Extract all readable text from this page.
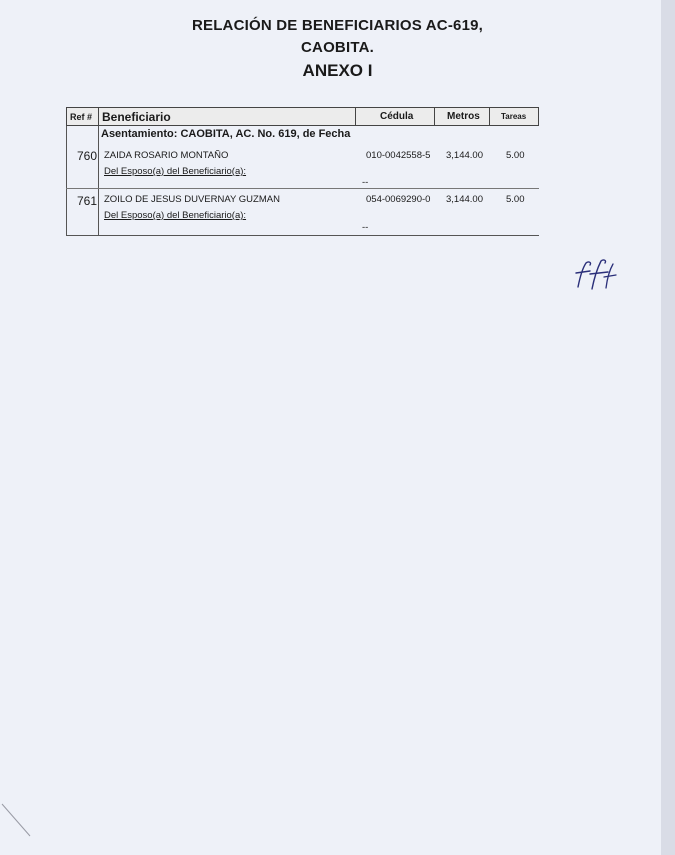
RELACIÓN DE BENEFICIARIOS AC-619,
CAOBITA.
ANEXO I
Ref # Beneficiario	Cédula	Metros	Tareas
Asentamiento: CAOBITA, AC. No. 619, de Fecha
760 ZAIDA ROSARIO MONTAÑO	010-0042558-5 3,144.00 5.00
Del Esposo(a) del Beneficiario(a):
--
761 ZOILO DE JESUS DUVERNAY GUZMAN	054-0069290-0 3,144.00 5.00
Del Esposo(a) del Beneficiario(a):
--
